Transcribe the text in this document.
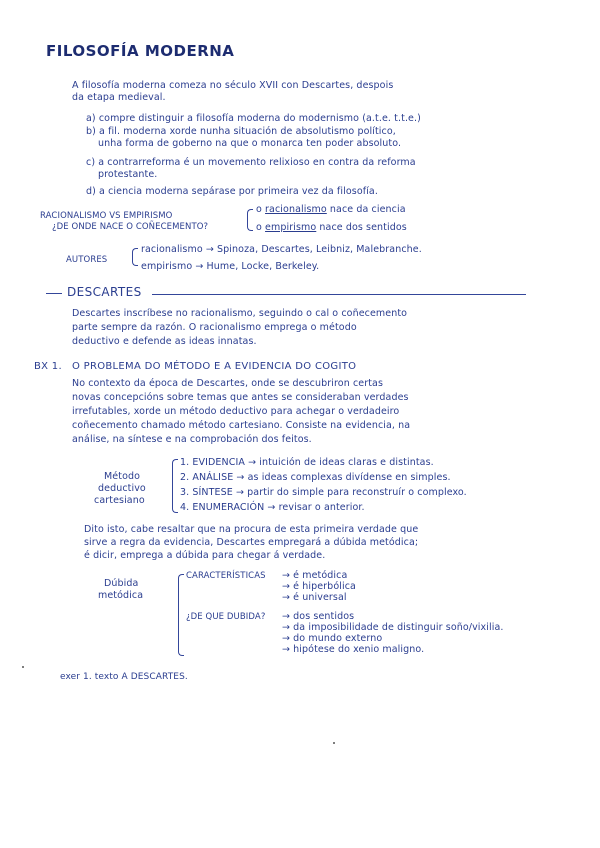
FILOSOFÍA MODERNA
A filosofía moderna comeza no século XVII con Descartes, despois
da etapa medieval.
a) compre distinguir a filosofía moderna do modernismo (a.t.e. t.t.e.)
b) a fil. moderna xorde nunha situación de absolutismo político,
unha forma de goberno na que o monarca ten poder absoluto.
c) a contrarreforma é un movemento relixioso en contra da reforma
protestante.
d) a ciencia moderna sepárase por primeira vez da filosofía.
RACIONALISMO VS EMPIRISMO
¿DE ONDE NACE O COÑECEMENTO?
o racionalismo nace da ciencia
o empirismo nace dos sentidos
AUTORES
racionalismo → Spinoza, Descartes, Leibniz, Malebranche.
empirismo → Hume, Locke, Berkeley.
DESCARTES
Descartes inscríbese no racionalismo, seguindo o cal o coñecemento
parte sempre da razón. O racionalismo emprega o método
deductivo e defende as ideas innatas.
BX 1. O PROBLEMA DO MÉTODO E A EVIDENCIA DO COGITO
No contexto da época de Descartes, onde se descubriron certas
novas concepcións sobre temas que antes se consideraban verdades
irrefutables, xorde un método deductivo para achegar o verdadeiro
coñecemento chamado método cartesiano. Consiste na evidencia, na
análise, na síntese e na comprobación dos feitos.
Método
deductivo
cartesiano
1. EVIDENCIA → intuición de ideas claras e distintas.
2. ANÁLISE → as ideas complexas divídense en simples.
3. SÍNTESE → partir do simple para reconstruír o complexo.
4. ENUMERACIÓN → revisar o anterior.
Dito isto, cabe resaltar que na procura de esta primeira verdade que
sirve a regra da evidencia, Descartes empregará a dúbida metódica;
é dicir, emprega a dúbida para chegar á verdade.
Dúbida
metódica
CARACTERÍSTICAS → é metódica
→ é hiperbólica
→ é universal
¿DE QUE DUBIDA? → dos sentidos
→ da imposibilidade de distinguir soño/vixilia.
→ do mundo externo
→ hipótese do xenio maligno.
exer 1. texto A DESCARTES.
